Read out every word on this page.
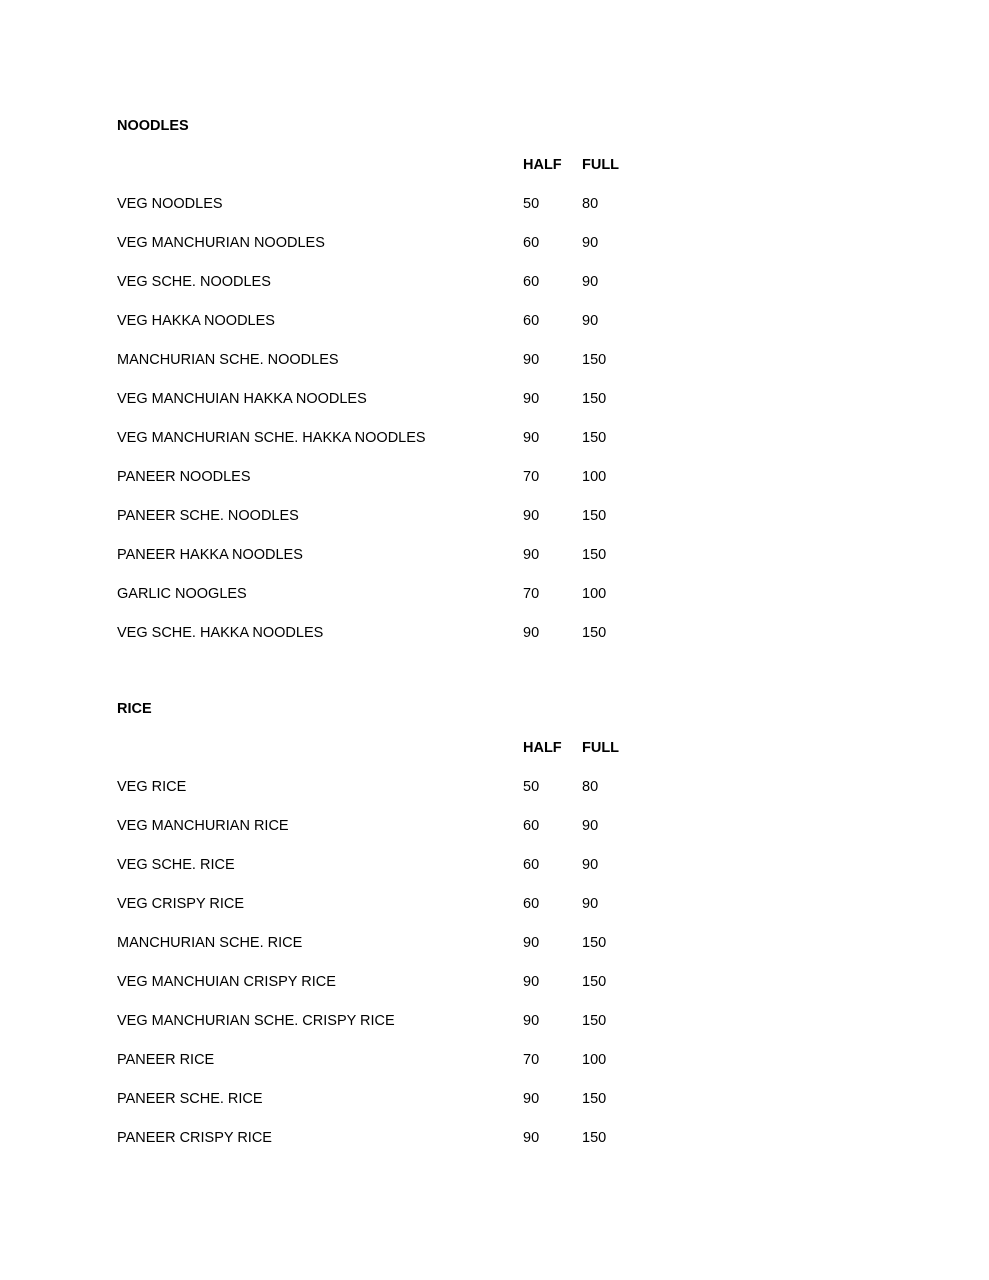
NOODLES
HALF FULL
VEG NOODLES	50	80
VEG MANCHURIAN NOODLES	60	90
VEG SCHE. NOODLES	60	90
VEG HAKKA NOODLES	60	90
MANCHURIAN SCHE. NOODLES	90	150
VEG MANCHUIAN HAKKA NOODLES	90	150
VEG MANCHURIAN SCHE. HAKKA NOODLES	90	150
PANEER NOODLES	70	100
PANEER SCHE. NOODLES	90	150
PANEER HAKKA NOODLES	90	150
GARLIC NOOGLES	70	100
VEG SCHE. HAKKA NOODLES	90	150
RICE
HALF FULL
VEG RICE	50	80
VEG MANCHURIAN RICE	60	90
VEG SCHE. RICE	60	90
VEG CRISPY RICE	60	90
MANCHURIAN SCHE. RICE	90	150
VEG MANCHUIAN CRISPY RICE	90	150
VEG MANCHURIAN SCHE. CRISPY RICE	90	150
PANEER RICE	70	100
PANEER SCHE. RICE	90	150
PANEER CRISPY RICE	90	150
